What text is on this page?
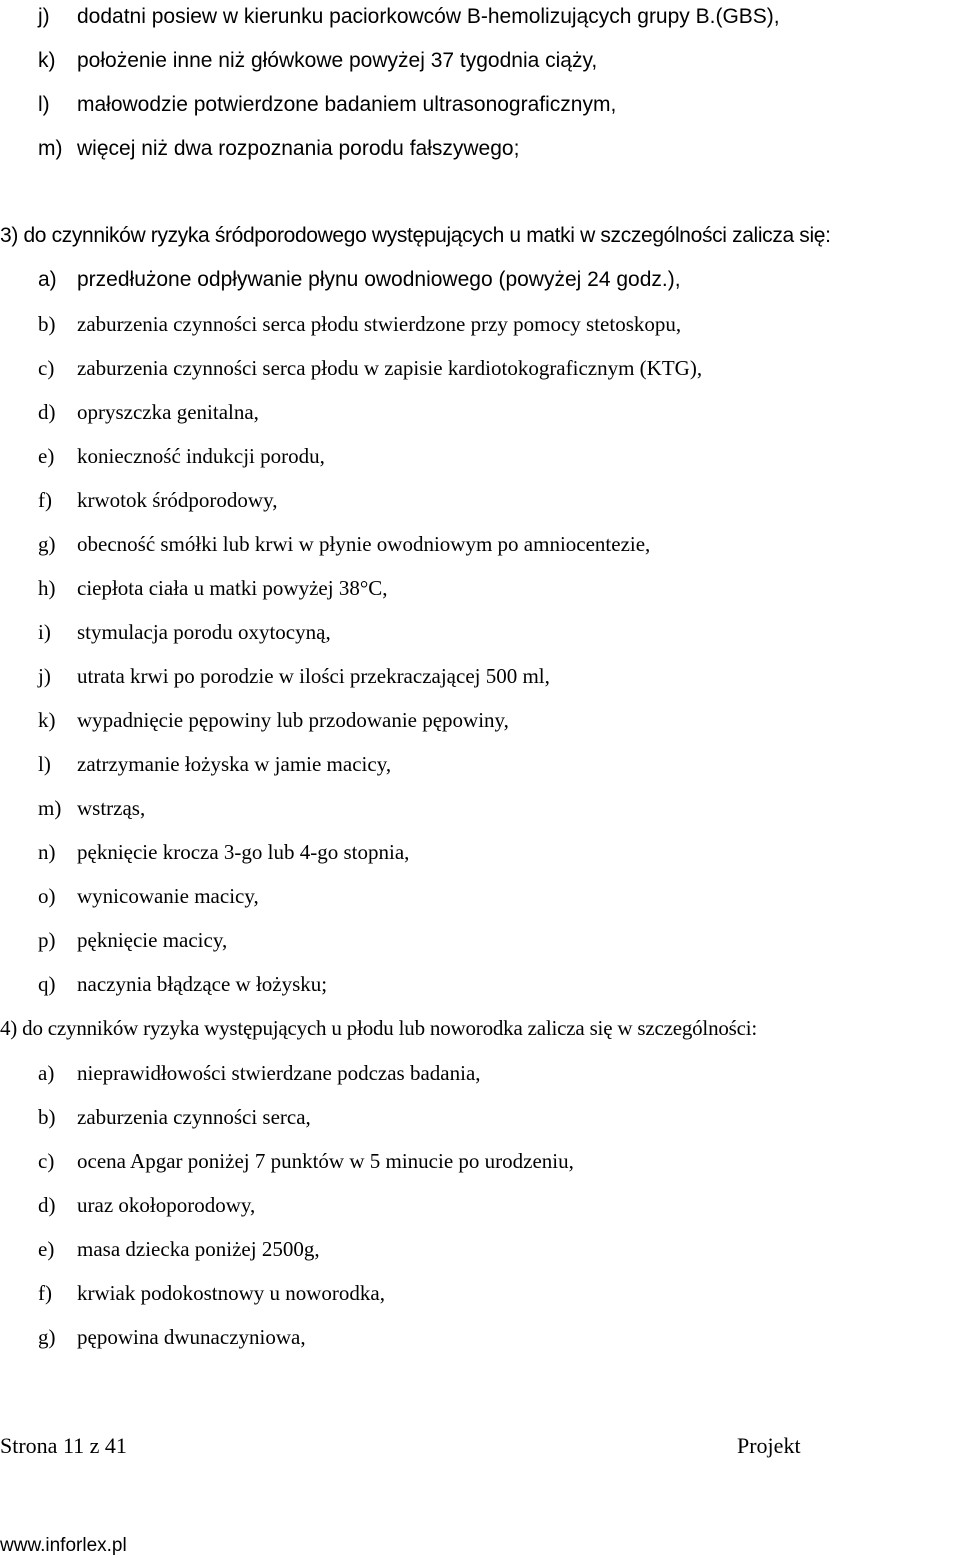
j) dodatni posiew w kierunku paciorkowców B-hemolizujących grupy B.(GBS),
k) położenie inne niż główkowe powyżej 37 tygodnia ciąży,
l) małowodzie potwierdzone badaniem ultrasonograficznym,
m) więcej niż dwa rozpoznania porodu fałszywego;
3) do czynników ryzyka śródporodowego występujących u matki w szczególności zalicza się:
a) przedłużone odpływanie płynu owodniowego (powyżej 24 godz.),
b) zaburzenia czynności serca płodu stwierdzone przy pomocy stetoskopu,
c) zaburzenia czynności serca płodu w zapisie kardiotokograficznym (KTG),
d) opryszczka genitalna,
e) konieczność indukcji porodu,
f) krwotok śródporodowy,
g) obecność smółki lub krwi w płynie owodniowym po amniocentezie,
h) ciepłota ciała u matki powyżej 38°C,
i) stymulacja porodu oxytocyną,
j) utrata krwi po porodzie w ilości przekraczającej 500 ml,
k) wypadnięcie pępowiny lub przodowanie pępowiny,
l) zatrzymanie łożyska w jamie macicy,
m) wstrząs,
n) pęknięcie krocza 3-go lub 4-go stopnia,
o) wynicowanie macicy,
p) pęknięcie macicy,
q) naczynia błądzące w łożysku;
4) do czynników ryzyka występujących u płodu lub noworodka zalicza się w szczególności:
a) nieprawidłowości stwierdzane podczas badania,
b) zaburzenia czynności serca,
c) ocena Apgar poniżej 7 punktów w 5 minucie po urodzeniu,
d) uraz okołoporodowy,
e) masa dziecka poniżej 2500g,
f) krwiak podokostnowy u noworodka,
g) pępowina dwunaczyniowa,
Strona 11 z 41	Projekt
www.inforlex.pl
